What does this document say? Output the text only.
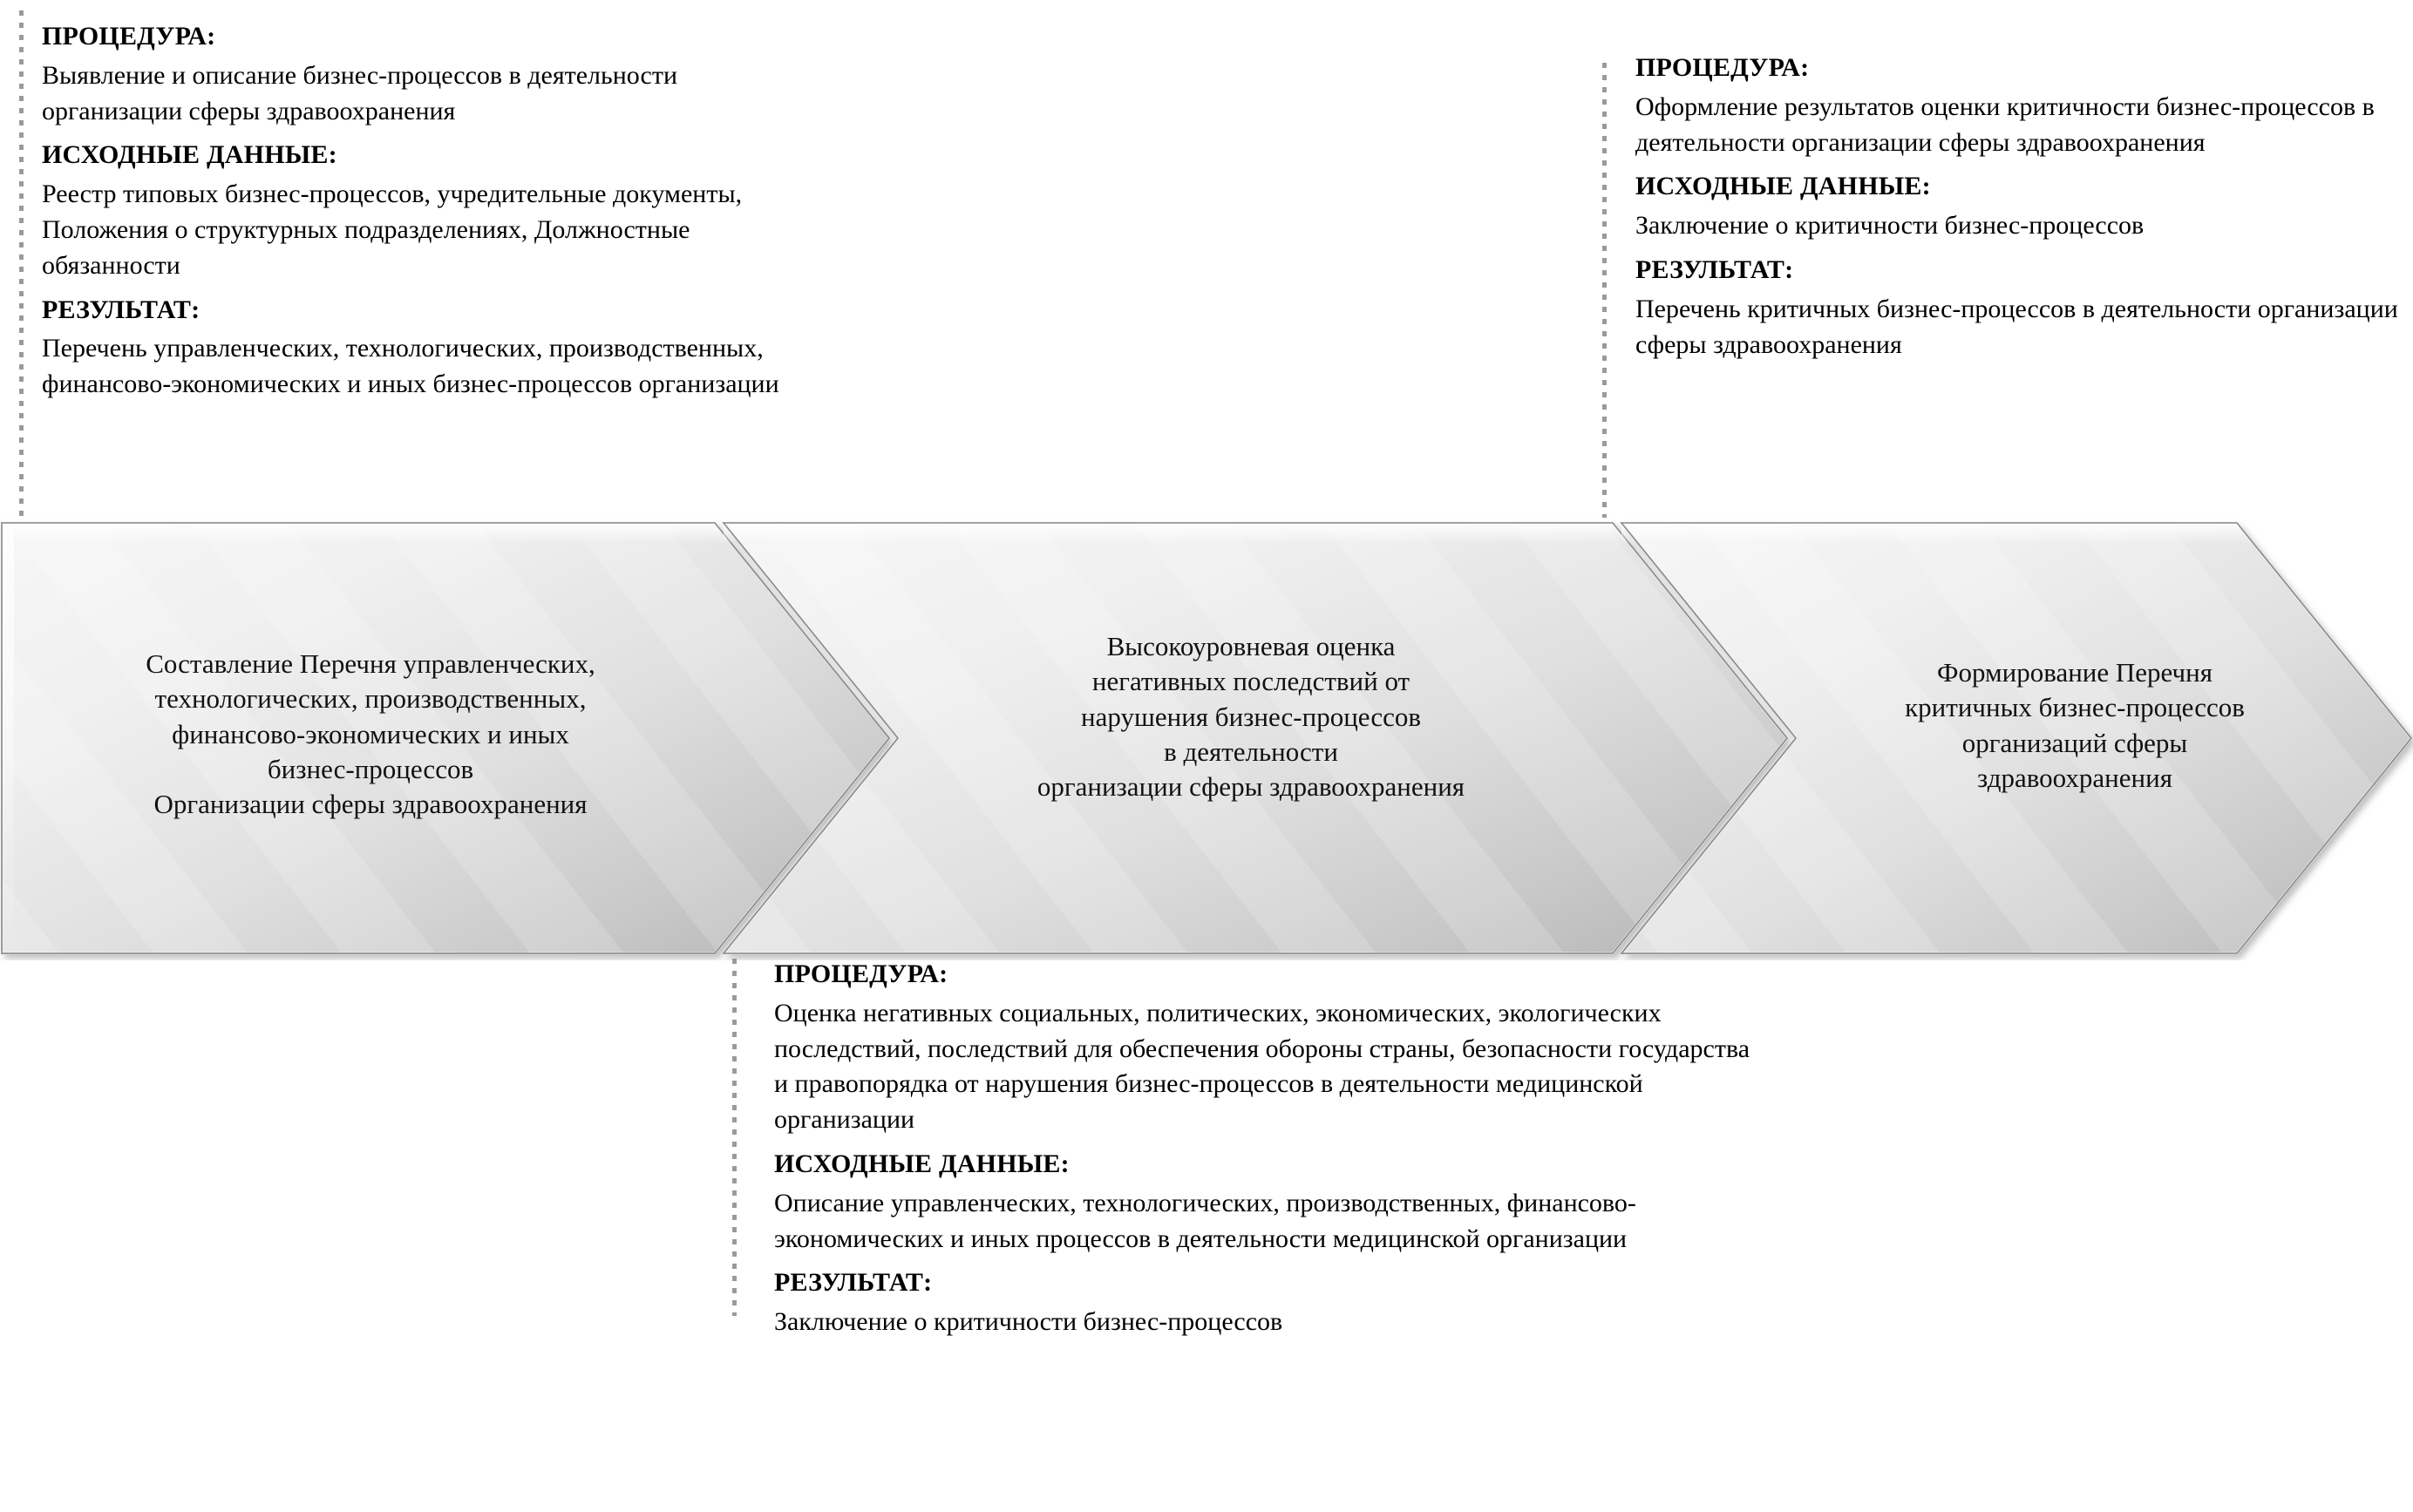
ПРОЦЕДУРА:

Выявление и описание бизнес-процессов в деятельности организации сферы здравоохранения

ИСХОДНЫЕ ДАННЫЕ:

Реестр типовых бизнес-процессов, учредительные документы, Положения о структурных подразделениях, Должностные обязанности

РЕЗУЛЬТАТ:

Перечень управленческих, технологических, производственных, финансово-экономических и иных бизнес-процессов организации

ПРОЦЕДУРА:

Оформление результатов оценки критичности бизнес-процессов в деятельности организации сферы здравоохранения

ИСХОДНЫЕ ДАННЫЕ:

Заключение о критичности бизнес-процессов

РЕЗУЛЬТАТ:

Перечень критичных бизнес-процессов в деятельности организации сферы здравоохранения

ПРОЦЕДУРА:

Оценка негативных социальных, политических, экономических, экологических последствий, последствий для обеспечения обороны страны, безопасности государства и правопорядка от нарушения бизнес-процессов в деятельности медицинской организации

ИСХОДНЫЕ ДАННЫЕ:

Описание управленческих, технологических, производственных, финансово-экономических и иных процессов в деятельности медицинской организации

РЕЗУЛЬТАТ:

Заключение о критичности бизнес-процессов

Составление Перечня управленческих,
технологических, производственных,
финансово-экономических и иных
бизнес-процессов
Организации сферы здравоохранения
Высокоуровневая оценка
негативных последствий от
нарушения бизнес-процессов
в деятельности
организации сферы здравоохранения
Формирование Перечня
критичных бизнес-процессов
организаций сферы
здравоохранения
